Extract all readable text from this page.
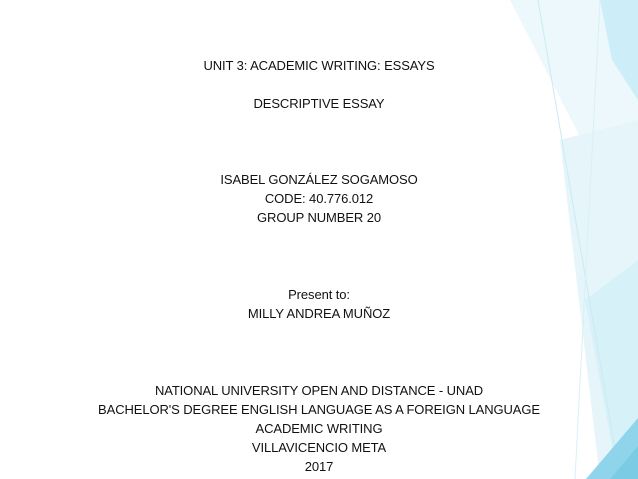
UNIT 3: ACADEMIC WRITING: ESSAYS
DESCRIPTIVE ESSAY
ISABEL GONZÁLEZ SOGAMOSO
CODE: 40.776.012
GROUP NUMBER 20
Present to:
MILLY ANDREA MUÑOZ
NATIONAL UNIVERSITY OPEN AND DISTANCE - UNAD
BACHELOR'S DEGREE ENGLISH LANGUAGE AS A FOREIGN LANGUAGE
ACADEMIC WRITING
VILLAVICENCIO META
2017
